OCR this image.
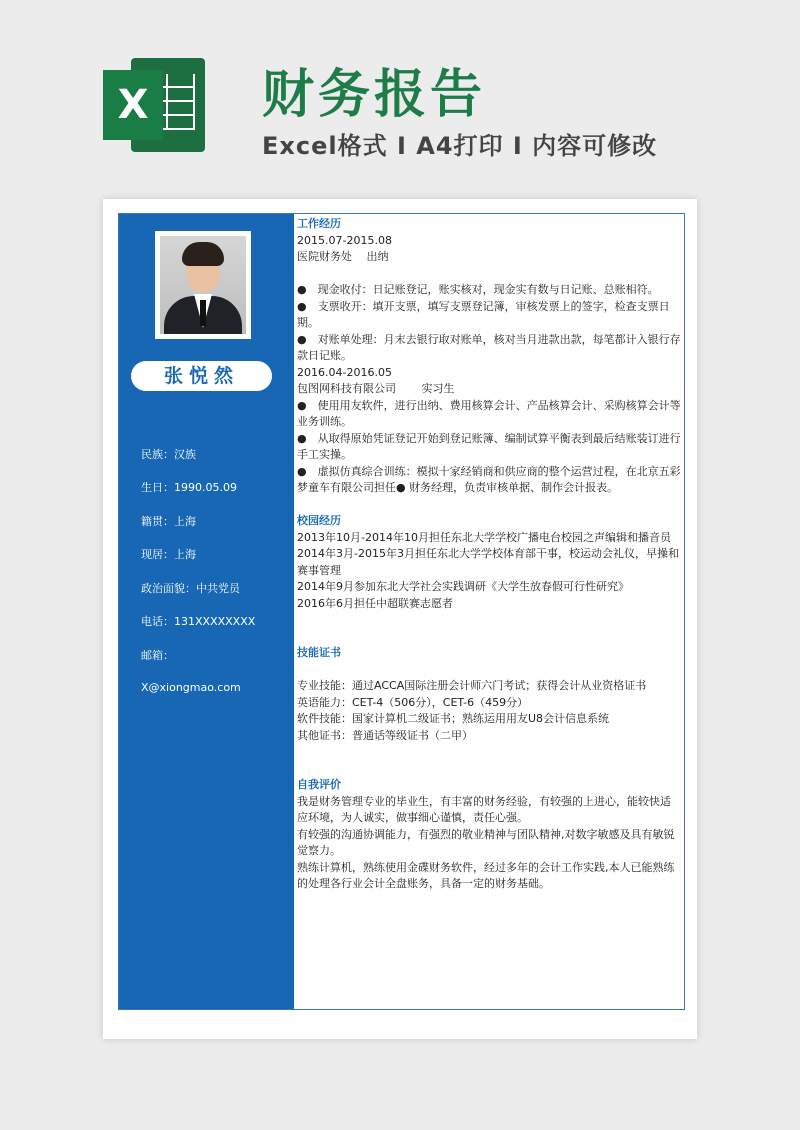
X 财务报告
Excel格式 I A4打印 I 内容可修改
张悦然
民族：汉族
生日：1990.05.09
籍贯：上海
现居：上海
政治面貌：中共党员
电话：131XXXXXXXX
邮箱：
X@xiongmao.com

工作经历

2015.07-2015.08

医院财务处　 出纳

●　现金收付：日记账登记，账实核对，现金实有数与日记账、总账相符。

●　支票收开：填开支票，填写支票登记簿，审核发票上的签字，检查支票日期。

●　对账单处理：月末去银行取对账单，核对当月进款出款，每笔都计入银行存款日记账。

2016.04-2016.05

包图网科技有限公司　　 实习生

●　使用用友软件，进行出纳、费用核算会计、产品核算会计、采购核算会计等业务训练。

●　从取得原始凭证登记开始到登记账簿、编制试算平衡表到最后结账装订进行手工实操。

●　虚拟仿真综合训练：模拟十家经销商和供应商的整个运营过程，在北京五彩梦童车有限公司担任● 财务经理，负责审核单据、制作会计报表。

校园经历

2013年10月-2014年10月担任东北大学学校广播电台校园之声编辑和播音员

2014年3月-2015年3月担任东北大学学校体育部干事，校运动会礼仪，早操和赛事管理

2014年9月参加东北大学社会实践调研《大学生放春假可行性研究》

2016年6月担任中超联赛志愿者

技能证书

专业技能：通过ACCA国际注册会计师六门考试；获得会计从业资格证书

英语能力：CET-4（506分），CET-6（459分）

软件技能：国家计算机二级证书；熟练运用用友U8会计信息系统

其他证书：普通话等级证书（二甲）

自我评价

我是财务管理专业的毕业生，有丰富的财务经验，有较强的上进心，能较快适应环境，为人诚实，做事细心谨慎，责任心强。

有较强的沟通协调能力，有强烈的敬业精神与团队精神,对数字敏感及具有敏锐觉察力。

熟练计算机，熟练使用金碟财务软件，经过多年的会计工作实践,本人已能熟练的处理各行业会计全盘账务，具备一定的财务基础。
